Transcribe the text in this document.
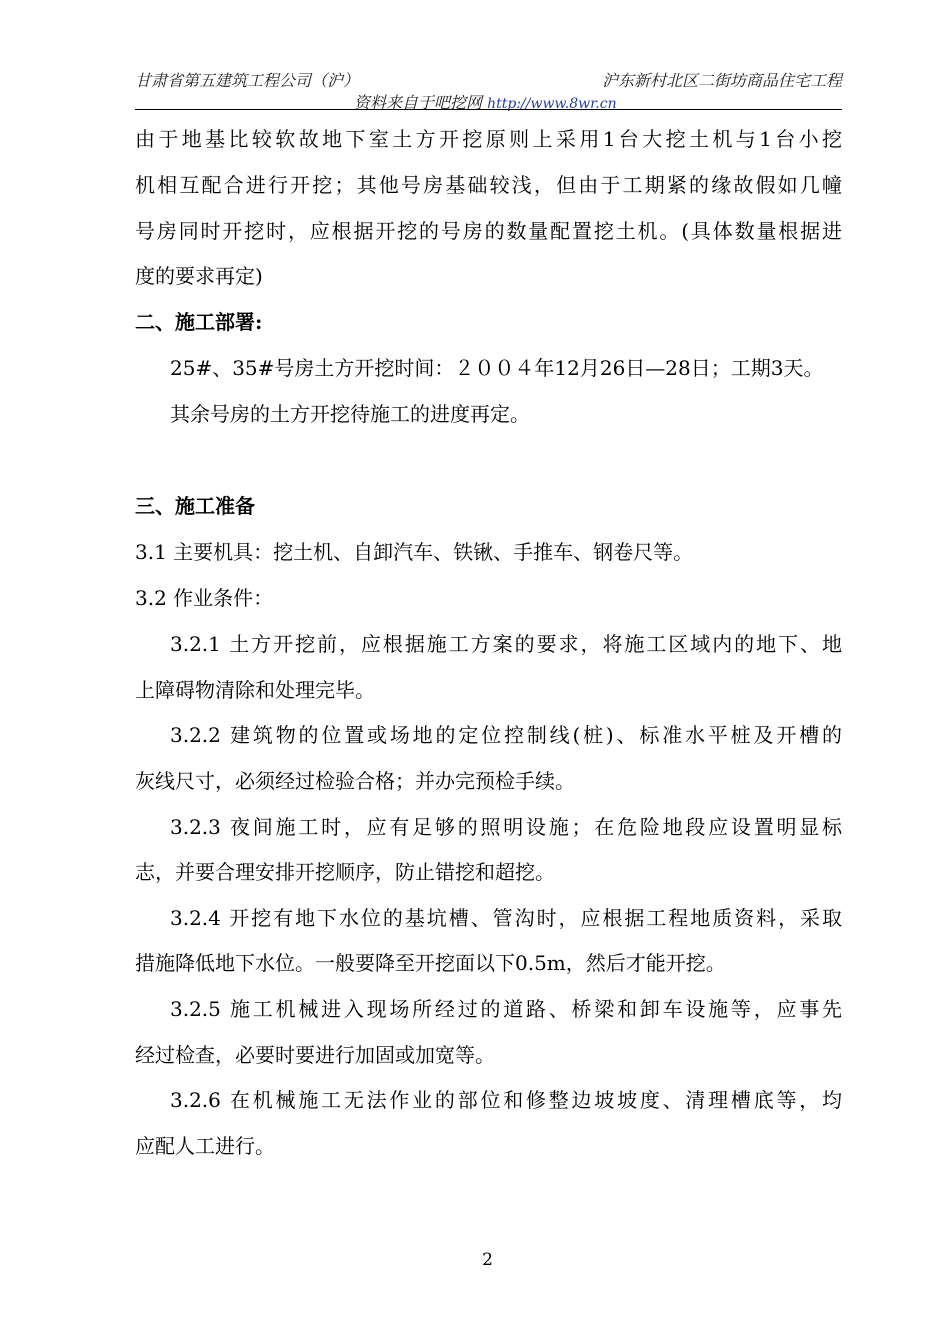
甘肃省第五建筑工程公司（沪）	沪东新村北区二街坊商品住宅工程
资料来自于吧挖网 http://www.8wr.cn
由于地基比较软故地下室土方开挖原则上采用1台大挖土机与1台小挖
机相互配合进行开挖；其他号房基础较浅，但由于工期紧的缘故假如几幢
号房同时开挖时，应根据开挖的号房的数量配置挖土机。(具体数量根据进
度的要求再定)
二、施工部署:
25#、35#号房土方开挖时间：２００４年12月26日—28日；工期3天。
其余号房的土方开挖待施工的进度再定。
三、施工准备
3.1 主要机具：挖土机、自卸汽车、铁锹、手推车、钢卷尺等。
3.2 作业条件：
3.2.1 土方开挖前，应根据施工方案的要求，将施工区域内的地下、地
上障碍物清除和处理完毕。
3.2.2 建筑物的位置或场地的定位控制线(桩)、标准水平桩及开槽的
灰线尺寸，必须经过检验合格；并办完预检手续。
3.2.3 夜间施工时，应有足够的照明设施；在危险地段应设置明显标
志，并要合理安排开挖顺序，防止错挖和超挖。
3.2.4 开挖有地下水位的基坑槽、管沟时，应根据工程地质资料，采取
措施降低地下水位。一般要降至开挖面以下0.5m，然后才能开挖。
3.2.5 施工机械进入现场所经过的道路、桥梁和卸车设施等，应事先
经过检查，必要时要进行加固或加宽等。
3.2.6 在机械施工无法作业的部位和修整边坡坡度、清理槽底等，均
应配人工进行。
2
